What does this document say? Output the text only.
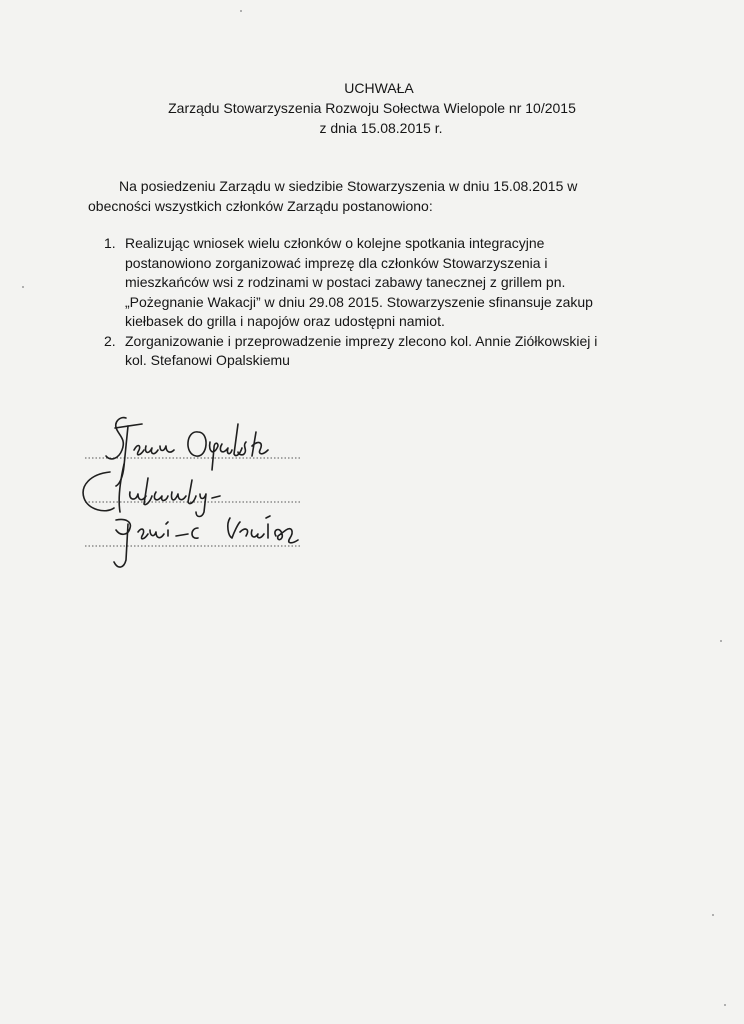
UCHWAŁA
Zarządu Stowarzyszenia Rozwoju Sołectwa Wielopole nr 10/2015
z dnia 15.08.2015 r.
Na posiedzeniu Zarządu w siedzibie Stowarzyszenia w dniu 15.08.2015 w
obecności wszystkich członków Zarządu postanowiono:
1. Realizując wniosek wielu członków o kolejne spotkania integracyjne
postanowiono zorganizować imprezę dla członków Stowarzyszenia i
mieszkańców wsi z rodzinami w postaci zabawy tanecznej z grillem pn.
„Pożegnanie Wakacji” w dniu 29.08 2015. Stowarzyszenie sfinansuje zakup
kiełbasek do grilla i napojów oraz udostępni namiot.
2. Zorganizowanie i przeprowadzenie imprezy zlecono kol. Annie Ziółkowskiej i
kol. Stefanowi Opalskiemu
